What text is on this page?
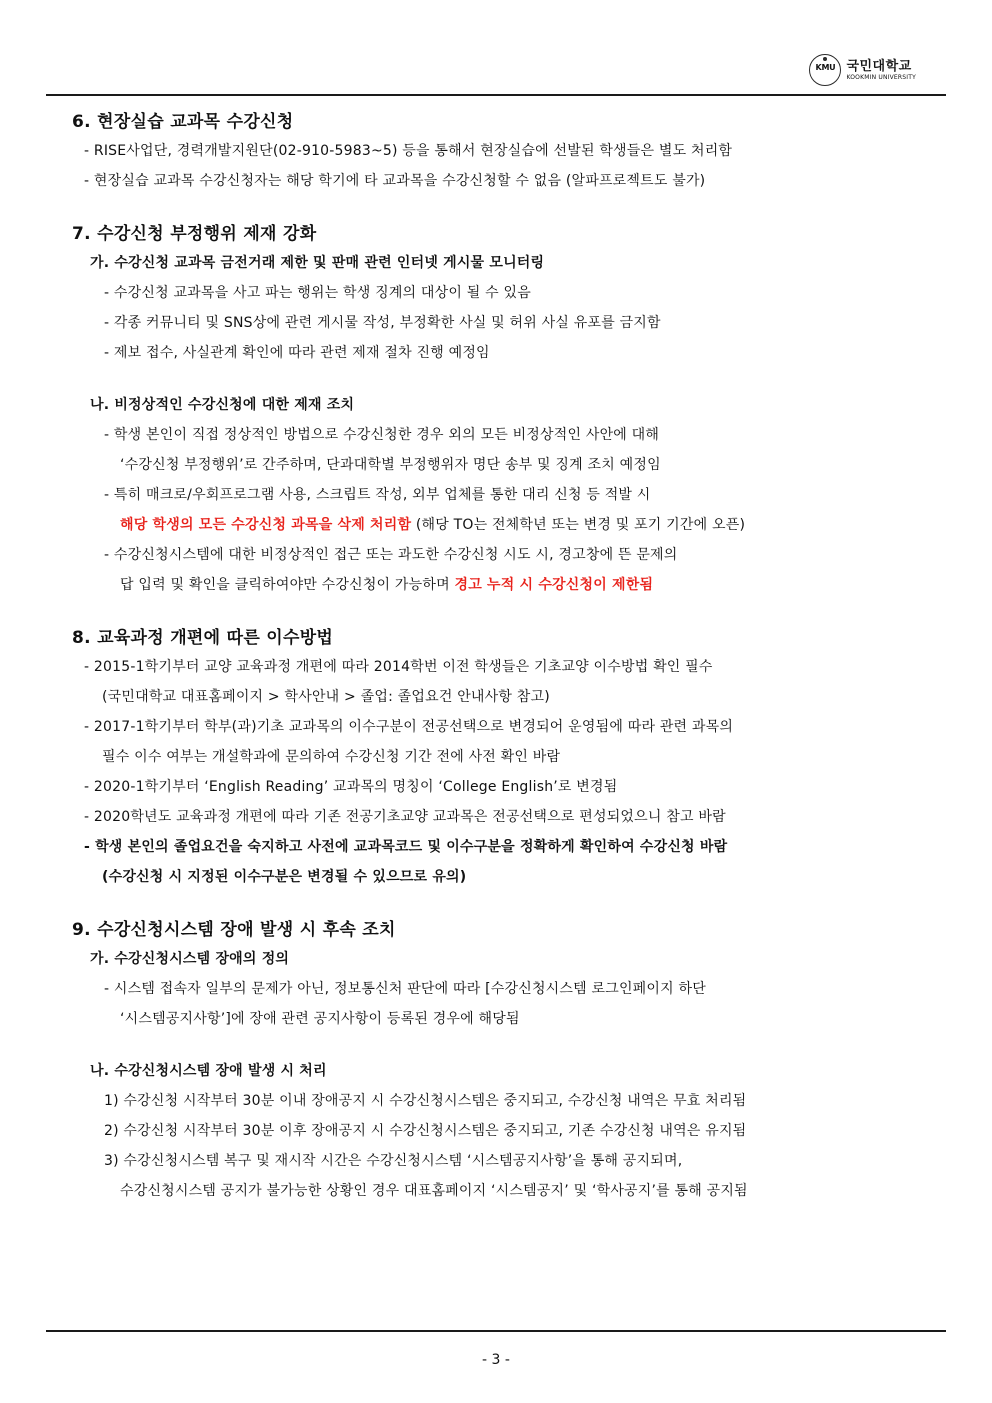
KMU 국민대학교
KOOKMIN UNIVERSITY
6. 현장실습 교과목 수강신청
- RISE사업단, 경력개발지원단(02-910-5983~5) 등을 통해서 현장실습에 선발된 학생들은 별도 처리함
- 현장실습 교과목 수강신청자는 해당 학기에 타 교과목을 수강신청할 수 없음 (알파프로젝트도 불가)
7. 수강신청 부정행위 제재 강화
가. 수강신청 교과목 금전거래 제한 및 판매 관련 인터넷 게시물 모니터링
- 수강신청 교과목을 사고 파는 행위는 학생 징계의 대상이 될 수 있음
- 각종 커뮤니티 및 SNS상에 관련 게시물 작성, 부정확한 사실 및 허위 사실 유포를 금지함
- 제보 접수, 사실관계 확인에 따라 관련 제재 절차 진행 예정임
나. 비정상적인 수강신청에 대한 제재 조치
- 학생 본인이 직접 정상적인 방법으로 수강신청한 경우 외의 모든 비정상적인 사안에 대해
‘수강신청 부정행위’로 간주하며, 단과대학별 부정행위자 명단 송부 및 징계 조치 예정임
- 특히 매크로/우회프로그램 사용, 스크립트 작성, 외부 업체를 통한 대리 신청 등 적발 시
해당 학생의 모든 수강신청 과목을 삭제 처리함 (해당 TO는 전체학년 또는 변경 및 포기 기간에 오픈)
- 수강신청시스템에 대한 비정상적인 접근 또는 과도한 수강신청 시도 시, 경고창에 뜬 문제의
답 입력 및 확인을 클릭하여야만 수강신청이 가능하며 경고 누적 시 수강신청이 제한됨
8. 교육과정 개편에 따른 이수방법
- 2015-1학기부터 교양 교육과정 개편에 따라 2014학번 이전 학생들은 기초교양 이수방법 확인 필수
(국민대학교 대표홈페이지 > 학사안내 > 졸업: 졸업요건 안내사항 참고)
- 2017-1학기부터 학부(과)기초 교과목의 이수구분이 전공선택으로 변경되어 운영됨에 따라 관련 과목의
필수 이수 여부는 개설학과에 문의하여 수강신청 기간 전에 사전 확인 바람
- 2020-1학기부터 ‘English Reading’ 교과목의 명칭이 ‘College English’로 변경됨
- 2020학년도 교육과정 개편에 따라 기존 전공기초교양 교과목은 전공선택으로 편성되었으니 참고 바람
- 학생 본인의 졸업요건을 숙지하고 사전에 교과목코드 및 이수구분을 정확하게 확인하여 수강신청 바람
(수강신청 시 지정된 이수구분은 변경될 수 있으므로 유의)
9. 수강신청시스템 장애 발생 시 후속 조치
가. 수강신청시스템 장애의 정의
- 시스템 접속자 일부의 문제가 아닌, 정보통신처 판단에 따라 [수강신청시스템 로그인페이지 하단
‘시스템공지사항’]에 장애 관련 공지사항이 등록된 경우에 해당됨
나. 수강신청시스템 장애 발생 시 처리
1) 수강신청 시작부터 30분 이내 장애공지 시 수강신청시스템은 중지되고, 수강신청 내역은 무효 처리됨
2) 수강신청 시작부터 30분 이후 장애공지 시 수강신청시스템은 중지되고, 기존 수강신청 내역은 유지됨
3) 수강신청시스템 복구 및 재시작 시간은 수강신청시스템 ‘시스템공지사항’을 통해 공지되며,
수강신청시스템 공지가 불가능한 상황인 경우 대표홈페이지 ‘시스템공지’ 및 ‘학사공지’를 통해 공지됨
- 3 -
